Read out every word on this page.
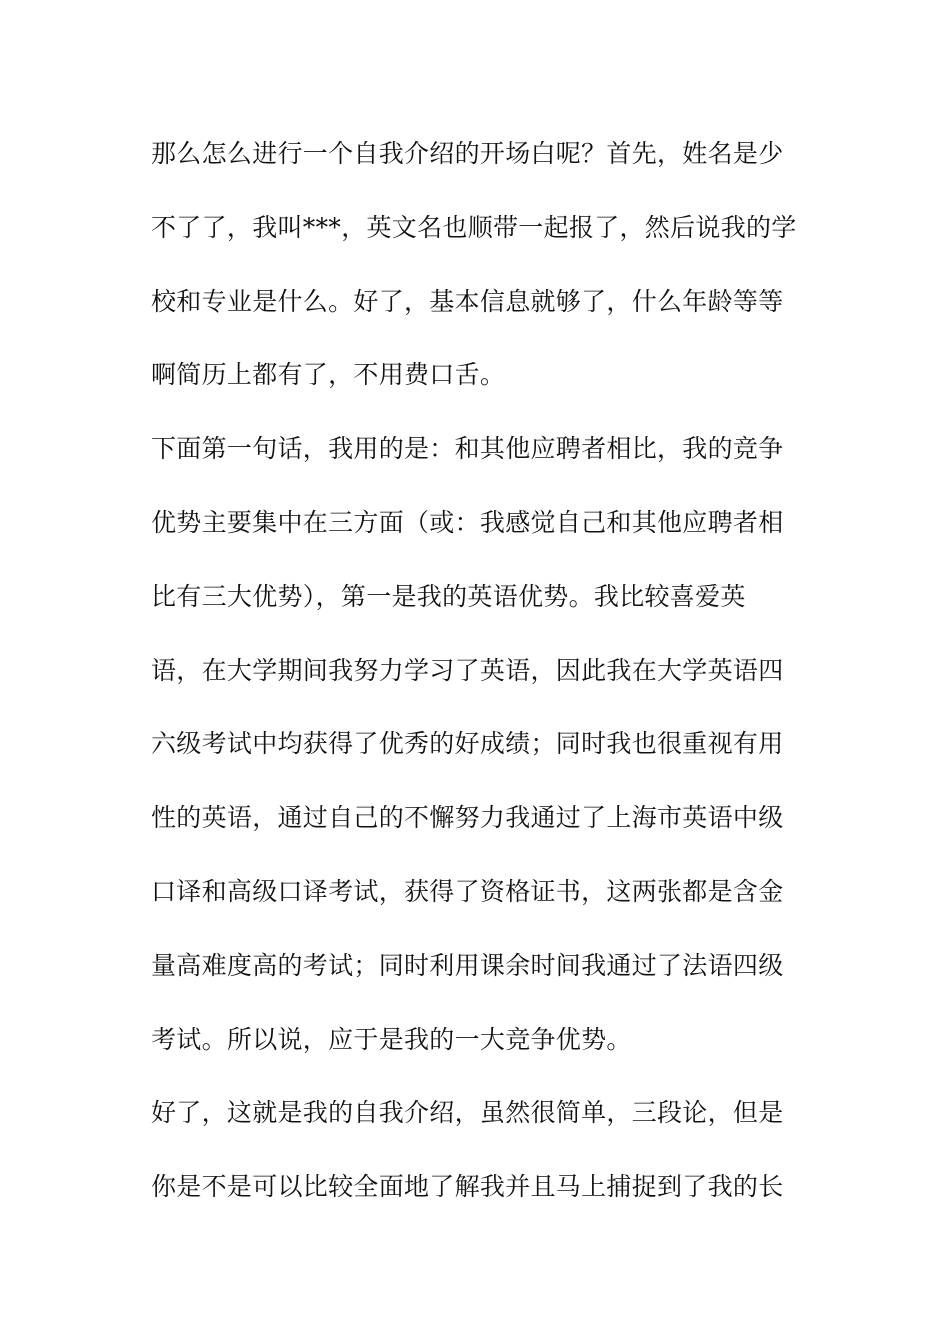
那么怎么进行一个自我介绍的开场白呢？首先，姓名是少
不了了，我叫***，英文名也顺带一起报了，然后说我的学
校和专业是什么。好了，基本信息就够了，什么年龄等等
啊简历上都有了，不用费口舌。
下面第一句话，我用的是：和其他应聘者相比，我的竞争
优势主要集中在三方面（或：我感觉自己和其他应聘者相
比有三大优势），第一是我的英语优势。我比较喜爱英
语，在大学期间我努力学习了英语，因此我在大学英语四
六级考试中均获得了优秀的好成绩；同时我也很重视有用
性的英语，通过自己的不懈努力我通过了上海市英语中级
口译和高级口译考试，获得了资格证书，这两张都是含金
量高难度高的考试；同时利用课余时间我通过了法语四级
考试。所以说，应于是我的一大竞争优势。
好了，这就是我的自我介绍，虽然很简单，三段论，但是
你是不是可以比较全面地了解我并且马上捕捉到了我的长
